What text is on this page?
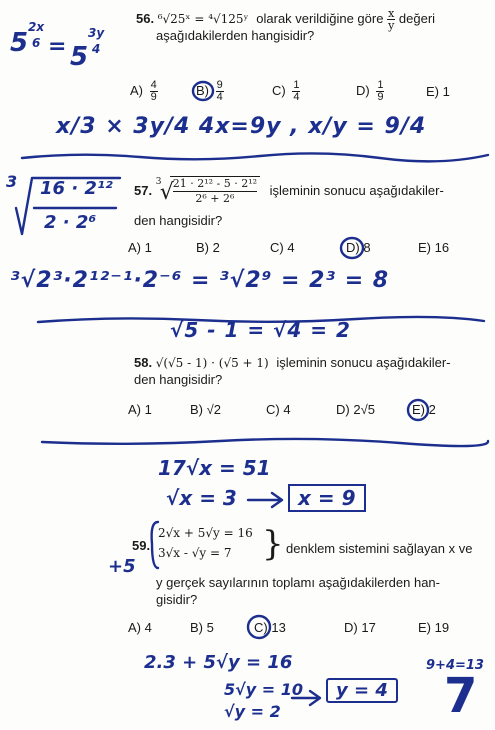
5
2x
6 = 5
3y
4
56. ⁶√25ˣ = ⁴√125ʸ olarak verildiğine göre $\frac{x}{y}$ değeri
aşağıdakilerden hangisidir?
$A) \frac{4}{9}$	$B) \frac{9}{4}$	$C) \frac{1}{4}$	$D) \frac{1}{9}$	E) 1
x/3 × 3y/4 4x=9y , x/y = 9/4
3 16 · 2¹²
2 · 2⁶
57.
3
√
$\frac{\text{21 · 2¹² - 5 · 2¹²}}{\text{2⁶ + 2⁶}}$ işleminin sonucu aşağıdakiler-
den hangisidir?
A) 1	B) 2	C) 4	D) 8	E) 16
³√2³·2¹²⁻¹·2⁻⁶ = ³√2⁹ = 2³ = 8
√5 - 1 = √4 = 2
58. √(√5 - 1) · (√5 + 1) işleminin sonucu aşağıdakiler-
den hangisidir?
A) 1	B) √2	C) 4	D) 2√5	E) 2
17√x = 51
√x = 3	x = 9
+5
59.
2√x + 5√y = 16
3√x - √y = 7 } denklem sistemini sağlayan x ve
y gerçek sayılarının toplamı aşağıdakilerden han-
gisidir?
A) 4	B) 5	C) 13	D) 17	E) 19
2.3 + 5√y = 16
5√y = 10
√y = 2
y = 4
9+4=13
7
